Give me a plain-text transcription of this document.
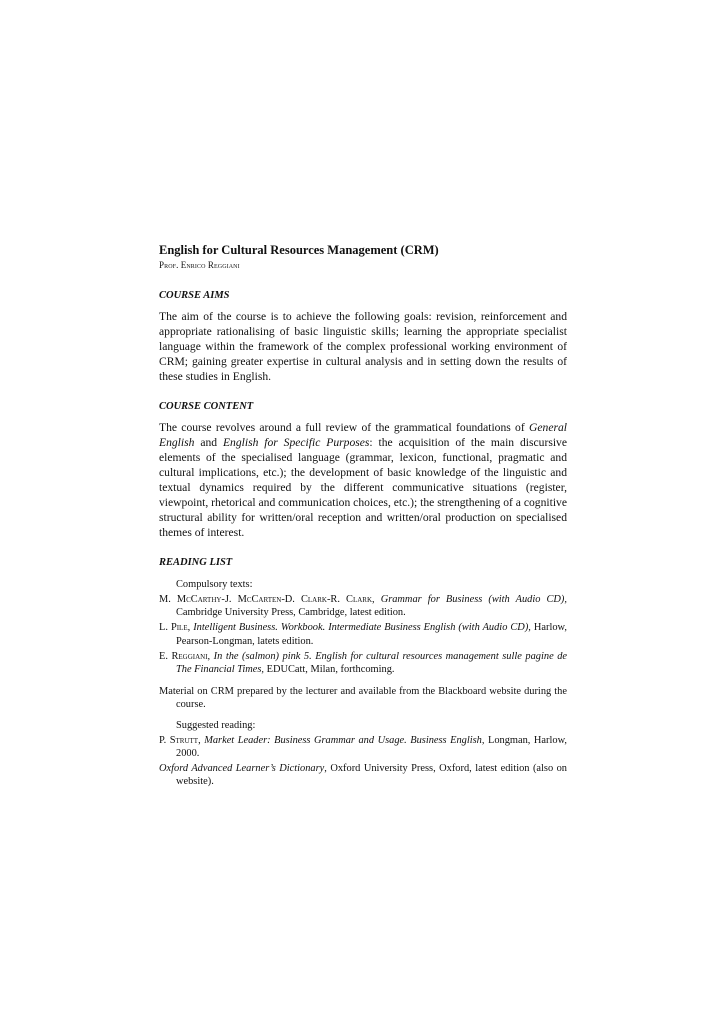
English for Cultural Resources Management (CRM)

Prof. Enrico Reggiani

COURSE AIMS

The aim of the course is to achieve the following goals: revision, reinforcement and appropriate rationalising of basic linguistic skills; learning the appropriate specialist language within the framework of the complex professional working environment of CRM; gaining greater expertise in cultural analysis and in setting down the results of these studies in English.

COURSE CONTENT

The course revolves around a full review of the grammatical foundations of General English and English for Specific Purposes: the acquisition of the main discursive elements of the specialised language (grammar, lexicon, functional, pragmatic and cultural implications, etc.); the development of basic knowledge of the linguistic and textual dynamics required by the different communicative situations (register, viewpoint, rhetorical and communication choices, etc.); the strengthening of a cognitive structural ability for written/oral reception and written/oral production on specialised themes of interest.

READING LIST

Compulsory texts:

M. McCarthy-J. McCarten-D. Clark-R. Clark, Grammar for Business (with Audio CD), Cambridge University Press, Cambridge, latest edition.

L. Pile, Intelligent Business. Workbook. Intermediate Business English (with Audio CD), Harlow, Pearson-Longman, latets edition.

E. Reggiani, In the (salmon) pink 5. English for cultural resources management sulle pagine de The Financial Times, EDUCatt, Milan, forthcoming.

Material on CRM prepared by the lecturer and available from the Blackboard website during the course.

Suggested reading:

P. Strutt, Market Leader: Business Grammar and Usage. Business English, Longman, Harlow, 2000.

Oxford Advanced Learner’s Dictionary, Oxford University Press, Oxford, latest edition (also on website).
